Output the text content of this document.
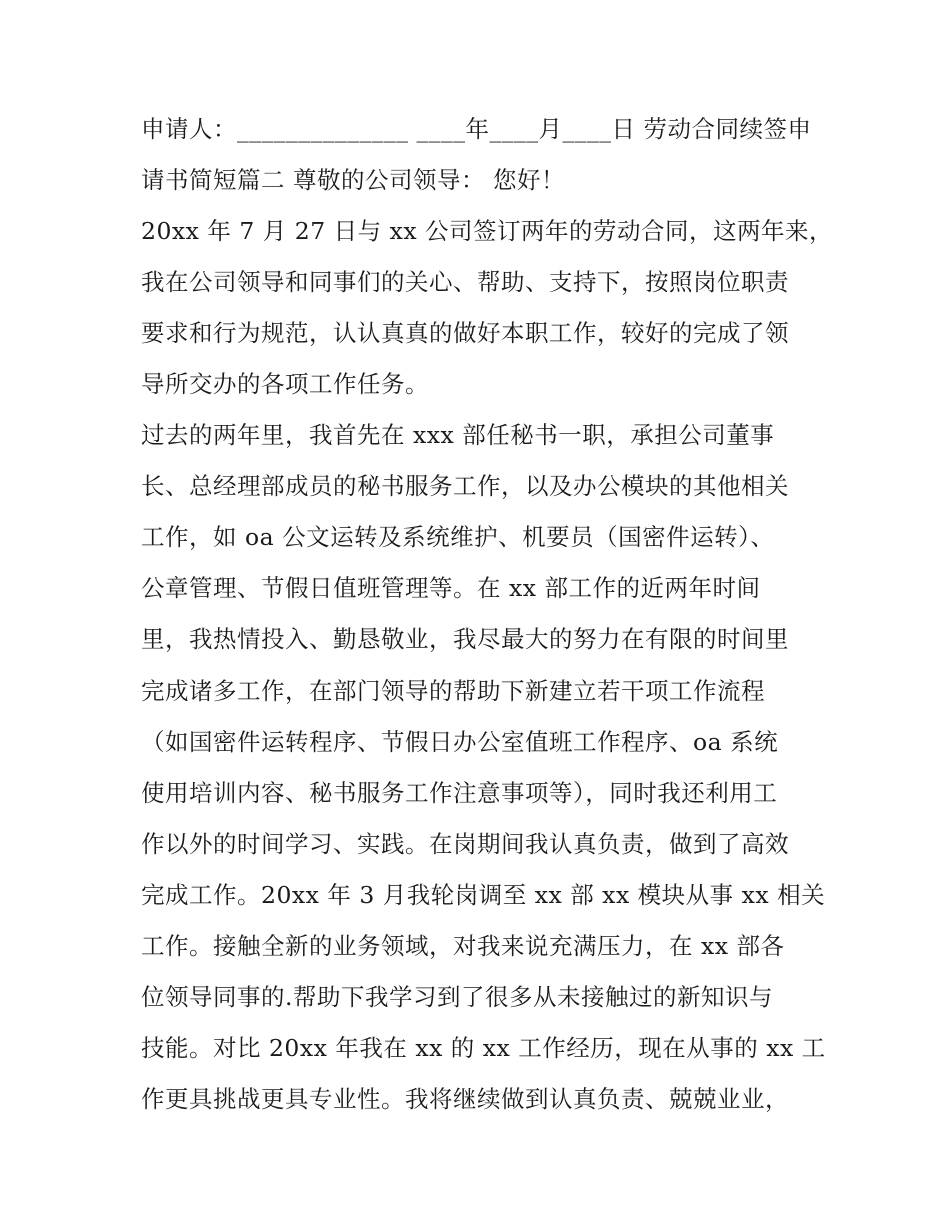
申请人：______________ ____年____月____日 劳动合同续签申
请书简短篇二 尊敬的公司领导： 您好！
20xx 年 7 月 27 日与 xx 公司签订两年的劳动合同，这两年来，
我在公司领导和同事们的关心、帮助、支持下，按照岗位职责
要求和行为规范，认认真真的做好本职工作，较好的完成了领
导所交办的各项工作任务。
过去的两年里，我首先在 xxx 部任秘书一职，承担公司董事
长、总经理部成员的秘书服务工作，以及办公模块的其他相关
工作，如 oa 公文运转及系统维护、机要员（国密件运转）、
公章管理、节假日值班管理等。在 xx 部工作的近两年时间
里，我热情投入、勤恳敬业，我尽最大的努力在有限的时间里
完成诸多工作，在部门领导的帮助下新建立若干项工作流程
（如国密件运转程序、节假日办公室值班工作程序、oa 系统
使用培训内容、秘书服务工作注意事项等），同时我还利用工
作以外的时间学习、实践。在岗期间我认真负责，做到了高效
完成工作。20xx 年 3 月我轮岗调至 xx 部 xx 模块从事 xx 相关
工作。接触全新的业务领域，对我来说充满压力，在 xx 部各
位领导同事的.帮助下我学习到了很多从未接触过的新知识与
技能。对比 20xx 年我在 xx 的 xx 工作经历，现在从事的 xx 工
作更具挑战更具专业性。我将继续做到认真负责、兢兢业业，
